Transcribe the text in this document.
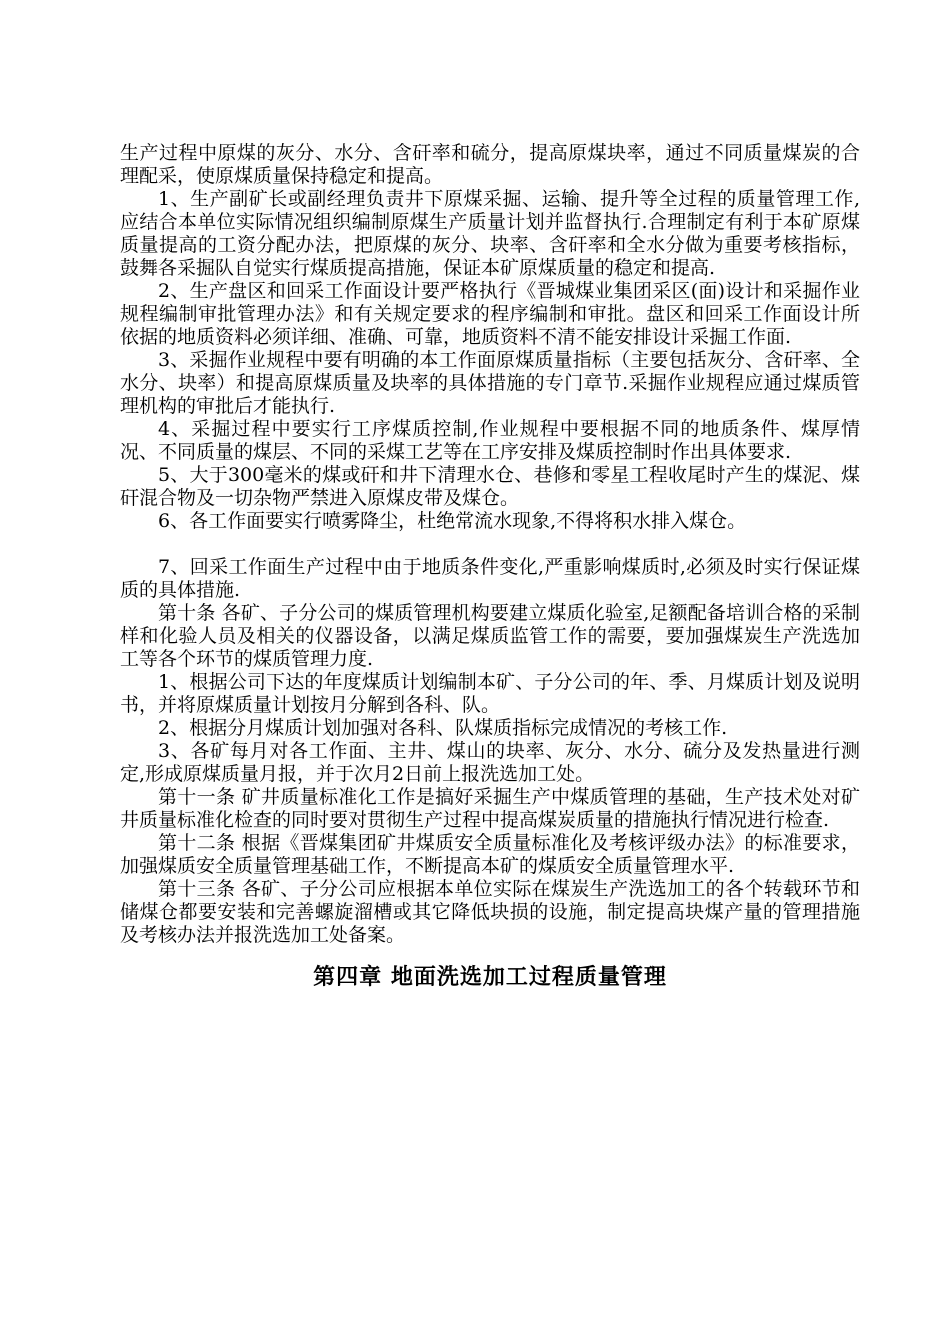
生产过程中原煤的灰分、水分、含矸率和硫分，提高原煤块率，通过不同质量煤炭的合理配采，使原煤质量保持稳定和提高。

1、生产副矿长或副经理负责井下原煤采掘、运输、提升等全过程的质量管理工作,应结合本单位实际情况组织编制原煤生产质量计划并监督执行.合理制定有利于本矿原煤质量提高的工资分配办法，把原煤的灰分、块率、含矸率和全水分做为重要考核指标，鼓舞各采掘队自觉实行煤质提高措施，保证本矿原煤质量的稳定和提高.

2、生产盘区和回采工作面设计要严格执行《晋城煤业集团采区(面)设计和采掘作业规程编制审批管理办法》和有关规定要求的程序编制和审批。盘区和回采工作面设计所依据的地质资料必须详细、准确、可靠，地质资料不清不能安排设计采掘工作面.

3、采掘作业规程中要有明确的本工作面原煤质量指标（主要包括灰分、含矸率、全水分、块率）和提高原煤质量及块率的具体措施的专门章节.采掘作业规程应通过煤质管理机构的审批后才能执行.

4、采掘过程中要实行工序煤质控制,作业规程中要根据不同的地质条件、煤厚情况、不同质量的煤层、不同的采煤工艺等在工序安排及煤质控制时作出具体要求.

5、大于300毫米的煤或矸和井下清理水仓、巷修和零星工程收尾时产生的煤泥、煤矸混合物及一切杂物严禁进入原煤皮带及煤仓。

6、各工作面要实行喷雾降尘，杜绝常流水现象,不得将积水排入煤仓。

7、回采工作面生产过程中由于地质条件变化,严重影响煤质时,必须及时实行保证煤质的具体措施.

第十条 各矿、子分公司的煤质管理机构要建立煤质化验室,足额配备培训合格的采制样和化验人员及相关的仪器设备，以满足煤质监管工作的需要，要加强煤炭生产洗选加工等各个环节的煤质管理力度.

1、根据公司下达的年度煤质计划编制本矿、子分公司的年、季、月煤质计划及说明书，并将原煤质量计划按月分解到各科、队。

2、根据分月煤质计划加强对各科、队煤质指标完成情况的考核工作.

3、各矿每月对各工作面、主井、煤山的块率、灰分、水分、硫分及发热量进行测定,形成原煤质量月报，并于次月2日前上报洗选加工处。

第十一条 矿井质量标准化工作是搞好采掘生产中煤质管理的基础，生产技术处对矿井质量标准化检查的同时要对贯彻生产过程中提高煤炭质量的措施执行情况进行检查.

第十二条 根据《晋煤集团矿井煤质安全质量标准化及考核评级办法》的标准要求，加强煤质安全质量管理基础工作，不断提高本矿的煤质安全质量管理水平.

第十三条 各矿、子分公司应根据本单位实际在煤炭生产洗选加工的各个转载环节和储煤仓都要安装和完善螺旋溜槽或其它降低块损的设施，制定提高块煤产量的管理措施及考核办法并报洗选加工处备案。

第四章 地面洗选加工过程质量管理
